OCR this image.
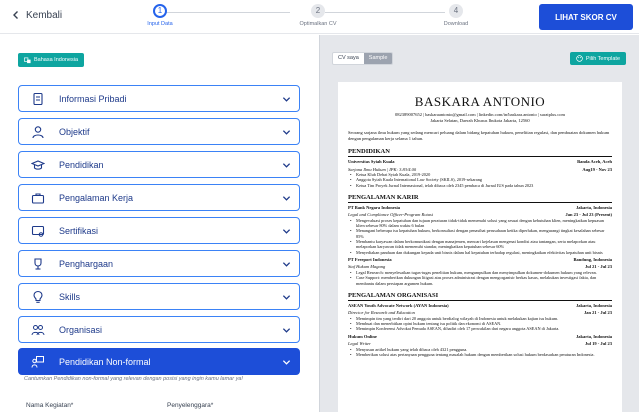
Kembali	1
Input Data
2
Optimalkan CV
4
Download
LIHAT SKOR CV
Bahasa Indonesia
Informasi Pribadi
Objektif
Pendidikan
Pengalaman Kerja
Sertifikasi
Penghargaan
Skills
Organisasi
Pendidikan Non-formal
Cantumkan Pendidikan non-formal yang relevan dengan posisi yang ingin kamu lamar ya!
Nama Kegiatan*	Penyelenggara*
CV saya	Sample	Pilih Template
BASKARA ANTONIO
082389007652 | baskaraantonio@gmail.com | linkedin.com/in/baskara.antonio | suratplus.com
Jakarta Selatan, Daerah Khusus Ibukota Jakarta, 12560
Seorang sarjana ilmu hukum yang sedang mencari peluang dalam bidang kepatuhan hukum, penelitian regulasi, dan pembuatan dokumen hukum dengan pengalaman kerja selama 1 tahun.
PENDIDIKAN
Universitas Syiah Kuala	Banda Aceh, Aceh
Sarjana Ilmu Hukum | IPK: 3.83/4.00	Aug19 - Nov 23
• Ketua Klub Debat Syiah Kuala, 2019-2020
• Anggota Syiah Kuala International Law Society (SKILS), 2019-sekarang
• Ketua Tim Proyek Jurnal Internasional, telah dibaca oleh 2345 pembaca di Jurnal IUS pada tahun 2023
PENGALAMAN KARIR
PT Bank Negara Indonesia	Jakarta, Indonesia
Legal and Compliance Officer-Program Rotasi	Jan 23 - Jul 23 (Present)
• Mengevaluasi proses kepatuhan dan tujuan peraturan tidak-tidak memenuhi solusi yang sesuai dengan kebutuhan klien, meningkatkan kepuasan klien sebesar 80% dalam waktu 6 bulan
• Menangani beberapa isu kepatuhan hukum, berkonsultasi dengan penasihat perusahaan ketika diperlukan, mengurangi tingkat kesalahan sebesar 85%
• Membantu karyawan dalam berkomunikasi dengan manajemen, mencari kejelasan mengenai kondisi atau tantangan, serta melaporkan atau melaporkan karyawan tidak memenuhi standar, meningkatkan kepatuhan sebesar 60%
• Menyediakan panduan dan dukungan kepada unit bisnis dalam hal kepatuhan terhadap regulasi, meningkatkan efektivitas kepatuhan unit bisnis
PT Freeport Indonesia	Bandung, Indonesia
Staf Hukum Magang	Jul 21 - Jul 23
• Legal Research: menyelesaikan tugas-tugas penelitian hukum, mengumpulkan dan menyimpulkan dokumen-dokumen hukum yang relevan.
• Case Support: memberikan dukungan litigasi atas proses administrasi dengan mengorganisir berkas kasus, melakukan investigasi fakta, dan membantu dalam persiapan argumen hukum.
PENGALAMAN ORGANISASI
ASEAN Youth Advocate Network (AYAN Indonesia)	Jakarta, Indonesia
Director for Research and Education	Jan 21 - Jul 23
• Memimpin tim yang terdiri dari 20 anggota untuk berdialog wilayah di Indonesia untuk melakukan kajian isu hukum.
• Membuat dan menerbitkan opini hukum tentang isu politik dan ekonomi di ASEAN.
• Memimpin Konferensi Advokat Pemuda ASEAN, dihadiri oleh 17 perwakilan dari negara anggota ASEAN di Jakarta.
Hukum Online	Jakarta, Indonesia
Legal Writer	Jul 19 - Jul 23
• Menyusun artikel hukum yang telah dibaca oleh 4321 pengguna.
• Memberikan solusi atas pertanyaan pengguna tentang masalah hukum dengan memberikan solusi hukum berdasarkan peraturan Indonesia.
